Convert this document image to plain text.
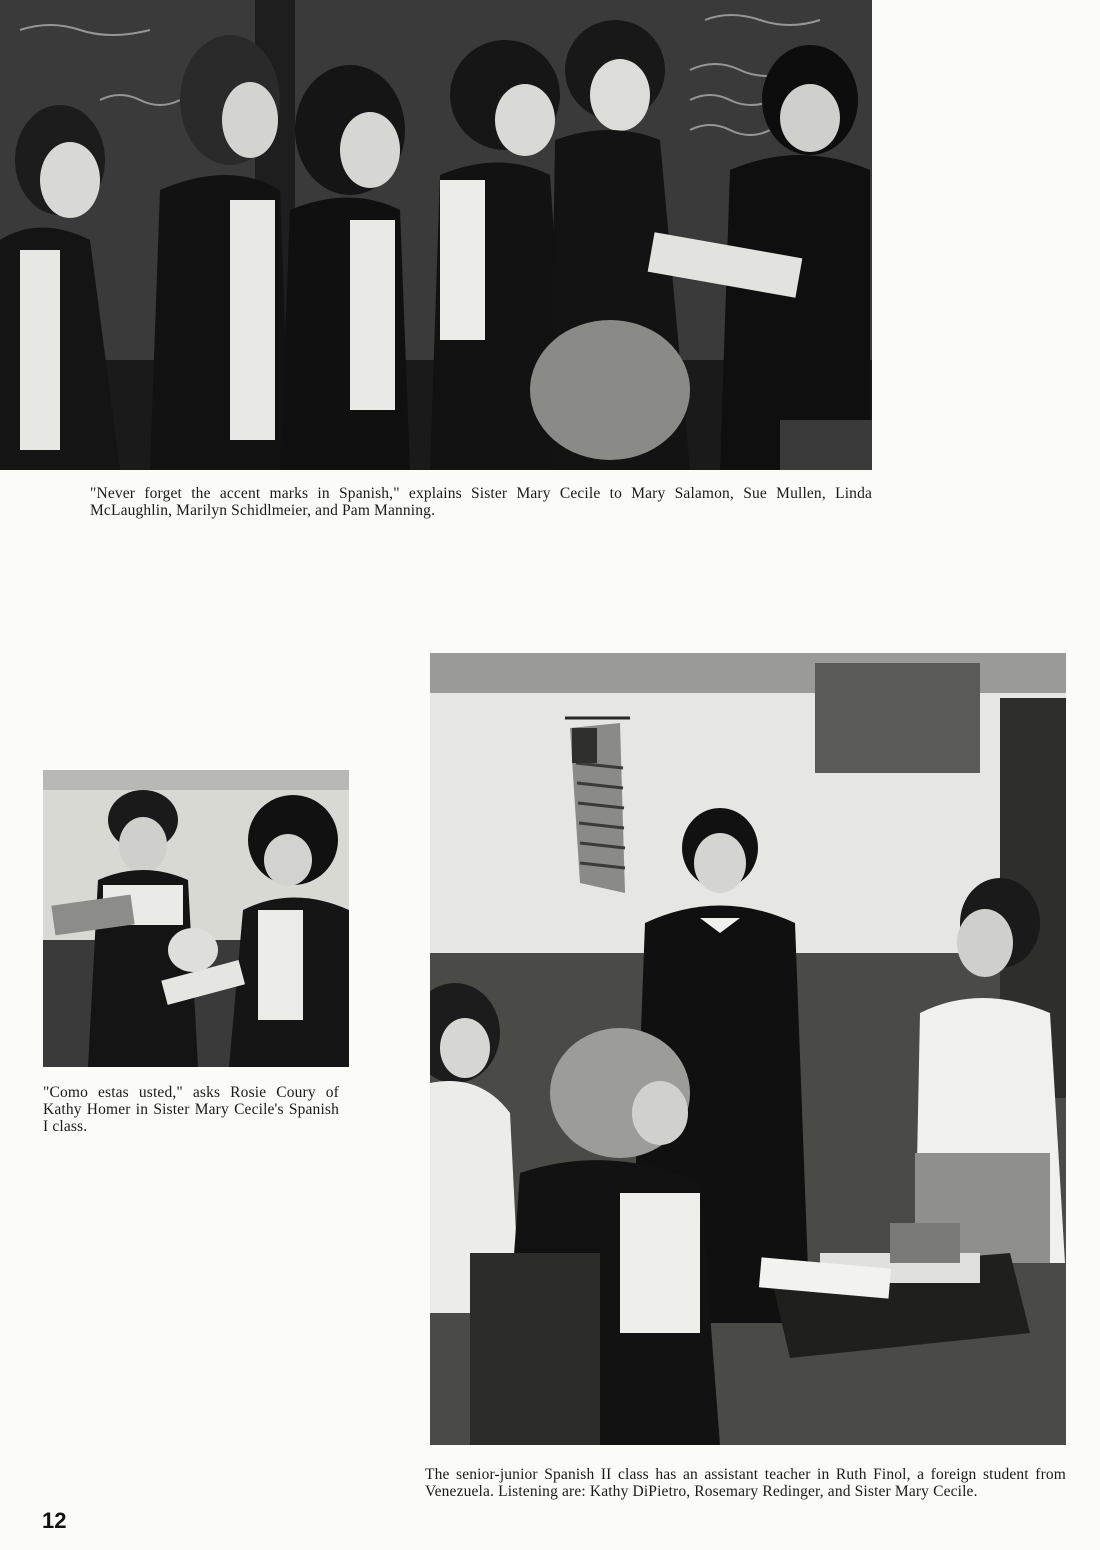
"Never forget the accent marks in Spanish," explains Sister Mary Cecile to Mary Salamon, Sue Mullen, Linda McLaughlin, Marilyn Schidlmeier, and Pam Manning.
"Como estas usted," asks Rosie Coury of Kathy Homer in Sister Mary Cecile's Spanish I class.
The senior-junior Spanish II class has an assistant teacher in Ruth Finol, a foreign student from Venezuela. Listening are: Kathy DiPietro, Rosemary Redinger, and Sister Mary Cecile.
12
